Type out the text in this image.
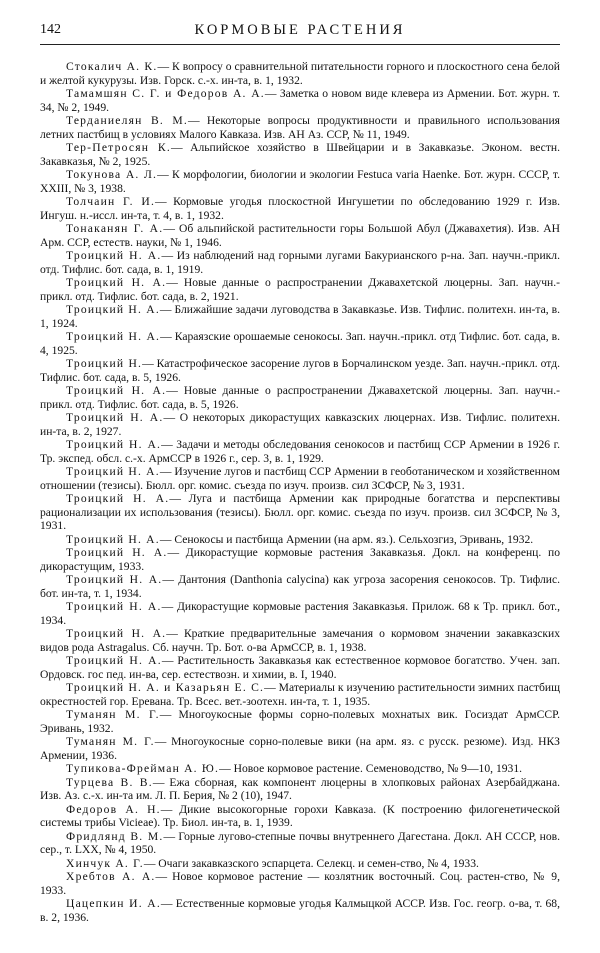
142	КОРМОВЫЕ РАСТЕНИЯ

Стокалич А. К.— К вопросу о сравнительной питательности горного и плоскостного сена белой и желтой кукурузы. Изв. Горск. с.-х. ин-та, в. 1, 1932.

Тамамшян С. Г. и Федоров А. А.— Заметка о новом виде клевера из Армении. Бот. журн. т. 34, № 2, 1949.

Терданиелян В. М.— Некоторые вопросы продуктивности и правильного использования летних пастбищ в условиях Малого Кавказа. Изв. АН Аз. ССР, № 11, 1949.

Тер-Петросян К.— Альпийское хозяйство в Швейцарии и в Закавказье. Эконом. вестн. Закавказья, № 2, 1925.

Токунова А. Л.— К морфологии, биологии и экологии Festuca varia Haenke. Бот. журн. СССР, т. XXIII, № 3, 1938.

Толчаин Г. И.— Кормовые угодья плоскостной Ингушетии по обследованию 1929 г. Изв. Ингуш. н.-иссл. ин-та, т. 4, в. 1, 1932.

Тонаканян Г. А.— Об альпийской растительности горы Большой Абул (Джавахетия). Изв. АН Арм. ССР, естеств. науки, № 1, 1946.

Троицкий Н. А.— Из наблюдений над горными лугами Бакурианского р-на. Зап. научн.-прикл. отд. Тифлис. бот. сада, в. 1, 1919.

Троицкий Н. А.— Новые данные о распространении Джавахетской люцерны. Зап. научн.-прикл. отд. Тифлис. бот. сада, в. 2, 1921.

Троицкий Н. А.— Ближайшие задачи луговодства в Закавказье. Изв. Тифлис. политехн. ин-та, в. 1, 1924.

Троицкий Н. А.— Караязские орошаемые сенокосы. Зап. научн.-прикл. отд Тифлис. бот. сада, в. 4, 1925.

Троицкий Н.— Катастрофическое засорение лугов в Борчалинском уезде. Зап. научн.-прикл. отд. Тифлис. бот. сада, в. 5, 1926.

Троицкий Н. А.— Новые данные о распространении Джавахетской люцерны. Зап. научн.-прикл. отд. Тифлис. бот. сада, в. 5, 1926.

Троицкий Н. А.— О некоторых дикорастущих кавказских люцернах. Изв. Тифлис. политехн. ин-та, в. 2, 1927.

Троицкий Н. А.— Задачи и методы обследования сенокосов и пастбищ ССР Армении в 1926 г. Тр. экспед. обсл. с.-х. АрмССР в 1926 г., сер. 3, в. 1, 1929.

Троицкий Н. А.— Изучение лугов и пастбищ ССР Армении в геоботаническом и хозяйственном отношении (тезисы). Бюлл. орг. комис. съезда по изуч. произв. сил ЗСФСР, № 3, 1931.

Троицкий Н. А.— Луга и пастбища Армении как природные богатства и перспективы рационализации их использования (тезисы). Бюлл. орг. комис. съезда по изуч. произв. сил ЗСФСР, № 3, 1931.

Троицкий Н. А.— Сенокосы и пастбища Армении (на арм. яз.). Сельхозгиз, Эривань, 1932.

Троицкий Н. А.— Дикорастущие кормовые растения Закавказья. Докл. на конференц. по дикорастущим, 1933.

Троицкий Н. А.— Дантония (Danthonia calycina) как угроза засорения сенокосов. Тр. Тифлис. бот. ин-та, т. 1, 1934.

Троицкий Н. А.— Дикорастущие кормовые растения Закавказья. Прилож. 68 к Тр. прикл. бот., 1934.

Троицкий Н. А.— Краткие предварительные замечания о кормовом значении закавказских видов рода Astragalus. Сб. научн. Тр. Бот. о-ва АрмССР, в. 1, 1938.

Троицкий Н. А.— Растительность Закавказья как естественное кормовое богатство. Учен. зап. Ордовск. гос пед. ин-ва, сер. естествозн. и химии, в. I, 1940.

Троицкий Н. А. и Казарьян Е. С.— Материалы к изучению растительности зимних пастбищ окрестностей гор. Еревана. Тр. Всес. вет.-зоотехн. ин-та, т. 1, 1935.

Туманян М. Г.— Многоукосные формы сорно-полевых мохнатых вик. Госиздат АрмССР. Эривань, 1932.

Туманян М. Г.— Многоукосные сорно-полевые вики (на арм. яз. с русск. резюме). Изд. НКЗ Армении, 1936.

Тупикова-Фрейман А. Ю.— Новое кормовое растение. Семеноводство, № 9—10, 1931.

Турцева В. В.— Ежа сборная, как компонент люцерны в хлопковых районах Азербайджана. Изв. Аз. с.-х. ин-та им. Л. П. Берия, № 2 (10), 1947.

Федоров А. Н.— Дикие высокогорные горохи Кавказа. (К построению филогенетической системы трибы Viciеае). Тр. Биол. ин-та, в. 1, 1939.

Фридлянд В. М.— Горные лугово-степные почвы внутреннего Дагестана. Докл. АН СССР, нов. сер., т. LXX, № 4, 1950.

Хинчук А. Г.— Очаги закавказского эспарцета. Селекц. и семен-ство, № 4, 1933.

Хребтов А. А.— Новое кормовое растение — козлятник восточный. Соц. растен-ство, № 9, 1933.

Цацепкин И. А.— Естественные кормовые угодья Калмыцкой АССР. Изв. Гос. геогр. о-ва, т. 68, в. 2, 1936.
